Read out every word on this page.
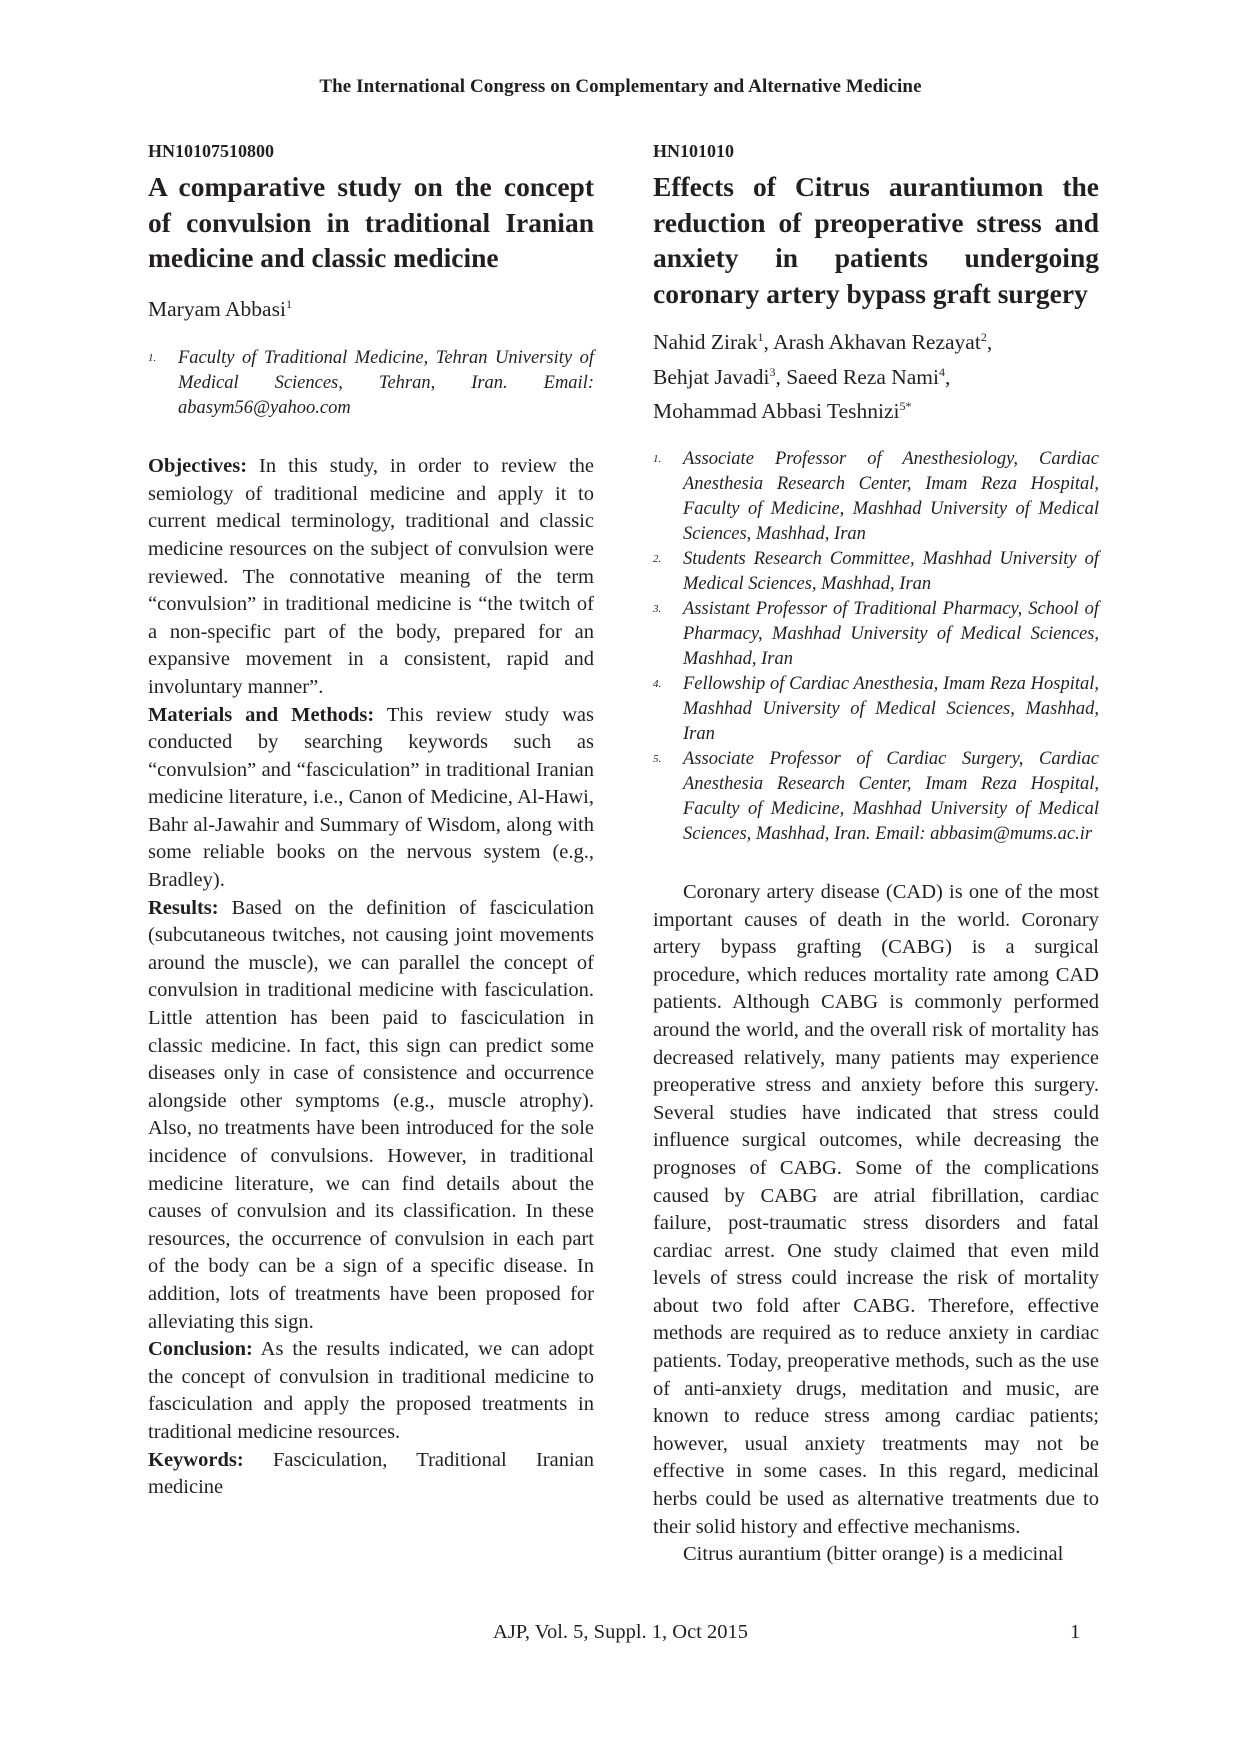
The International Congress on Complementary and Alternative Medicine
HN10107510800
A comparative study on the concept of convulsion in traditional Iranian medicine and classic medicine
Maryam Abbasi$^1$
1. Faculty of Traditional Medicine, Tehran University of Medical Sciences, Tehran, Iran. Email: abasym56@yahoo.com

Objectives: In this study, in order to review the semiology of traditional medicine and apply it to current medical terminology, traditional and classic medicine resources on the subject of convulsion were reviewed. The connotative meaning of the term “convulsion” in traditional medicine is “the twitch of a non-specific part of the body, prepared for an expansive movement in a consistent, rapid and involuntary manner”.

Materials and Methods: This review study was conducted by searching keywords such as “convulsion” and “fasciculation” in traditional Iranian medicine literature, i.e., Canon of Medicine, Al-Hawi, Bahr al-Jawahir and Summary of Wisdom, along with some reliable books on the nervous system (e.g., Bradley).

Results: Based on the definition of fasciculation (subcutaneous twitches, not causing joint movements around the muscle), we can parallel the concept of convulsion in traditional medicine with fasciculation. Little attention has been paid to fasciculation in classic medicine. In fact, this sign can predict some diseases only in case of consistence and occurrence alongside other symptoms (e.g., muscle atrophy). Also, no treatments have been introduced for the sole incidence of convulsions. However, in traditional medicine literature, we can find details about the causes of convulsion and its classification. In these resources, the occurrence of convulsion in each part of the body can be a sign of a specific disease. In addition, lots of treatments have been proposed for alleviating this sign.

Conclusion: As the results indicated, we can adopt the concept of convulsion in traditional medicine to fasciculation and apply the proposed treatments in traditional medicine resources.

Keywords: Fasciculation, Traditional Iranian medicine

HN101010
Effects of Citrus aurantiumon the reduction of preoperative stress and anxiety in patients undergoing coronary artery bypass graft surgery
Nahid Zirak$^1$, Arash Akhavan Rezayat$^2$,
Behjat Javadi$^3$, Saeed Reza Nami$^4$,
Mohammad Abbasi Teshnizi$^{5*}$
1. Associate Professor of Anesthesiology, Cardiac Anesthesia Research Center, Imam Reza Hospital, Faculty of Medicine, Mashhad University of Medical Sciences, Mashhad, Iran
2. Students Research Committee, Mashhad University of Medical Sciences, Mashhad, Iran
3. Assistant Professor of Traditional Pharmacy, School of Pharmacy, Mashhad University of Medical Sciences, Mashhad, Iran
4. Fellowship of Cardiac Anesthesia, Imam Reza Hospital, Mashhad University of Medical Sciences, Mashhad, Iran
5. Associate Professor of Cardiac Surgery, Cardiac Anesthesia Research Center, Imam Reza Hospital, Faculty of Medicine, Mashhad University of Medical Sciences, Mashhad, Iran. Email: abbasim@mums.ac.ir

Coronary artery disease (CAD) is one of the most important causes of death in the world. Coronary artery bypass grafting (CABG) is a surgical procedure, which reduces mortality rate among CAD patients. Although CABG is commonly performed around the world, and the overall risk of mortality has decreased relatively, many patients may experience preoperative stress and anxiety before this surgery. Several studies have indicated that stress could influence surgical outcomes, while decreasing the prognoses of CABG. Some of the complications caused by CABG are atrial fibrillation, cardiac failure, post-traumatic stress disorders and fatal cardiac arrest. One study claimed that even mild levels of stress could increase the risk of mortality about two fold after CABG. Therefore, effective methods are required as to reduce anxiety in cardiac patients. Today, preoperative methods, such as the use of anti-anxiety drugs, meditation and music, are known to reduce stress among cardiac patients; however, usual anxiety treatments may not be effective in some cases. In this regard, medicinal herbs could be used as alternative treatments due to their solid history and effective mechanisms.

Citrus aurantium (bitter orange) is a medicinal

AJP, Vol. 5, Suppl. 1, Oct 2015	1
